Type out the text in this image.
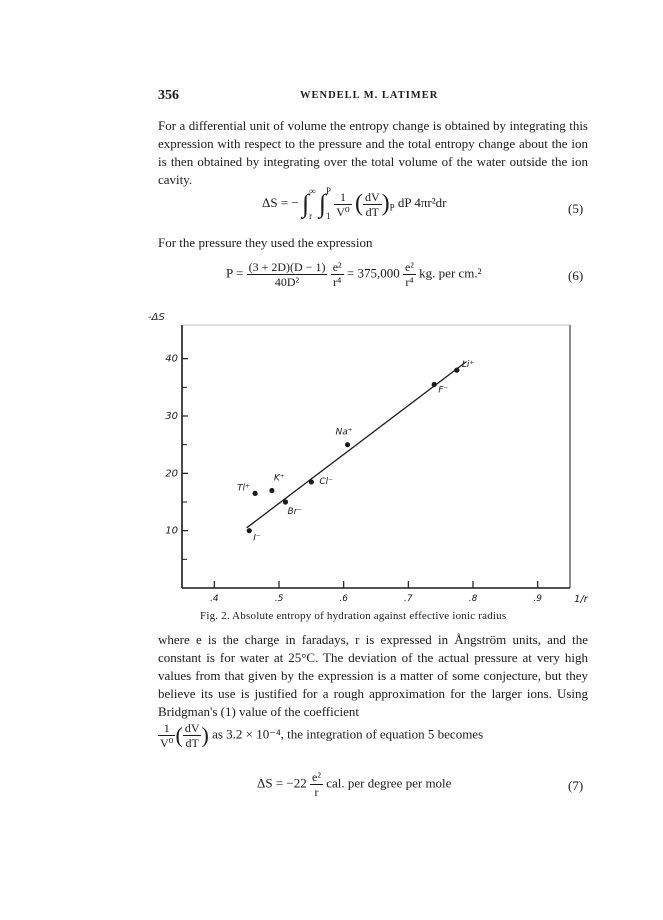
356	WENDELL M. LATIMER
For a differential unit of volume the entropy change is obtained by integrating this expression with respect to the pressure and the total entropy change about the ion is then obtained by integrating over the total volume of the water outside the ion cavity.
ΔS = − ∫ ∞
r ∫ P
1
$\frac{1}{\text{V⁰}}$ ( $\frac{dV}{dT} )_P$ dP 4πr²dr	(5)
For the pressure they used the expression
$P = \frac{(3 + 2D)(D - 1)}{\text{40D²}}$
$\frac{\text{e²}}{\text{r⁴}} = 375,000 \frac{\text{e²}}{\text{r⁴}}$ kg. per cm.²	(6)
-ΔS
10
20
30
40
.4	.5	.6	.7	.8	.9	1/r
Tl⁺
K⁺
Br⁻
Cl⁻
Na⁺
F⁻
Li⁺
I⁻
Fig. 2. Absolute entropy of hydration against effective ionic radius
where e is the charge in faradays, r is expressed in Ångström units, and the constant is for water at 25°C. The deviation of the actual pressure at very high values from that given by the expression is a matter of some conjecture, but they believe its use is justified for a rough approximation for the larger ions. Using Bridgman's (1) value of the coefficient

$\frac{1}{\text{V⁰}}$ ( $\frac{dV}{dT}$ ) as 3.2 × 10⁻⁴, the integration of equation 5 becomes
$\Delta S = -22 \frac{\text{e²}}{r}$ cal. per degree per mole	(7)
